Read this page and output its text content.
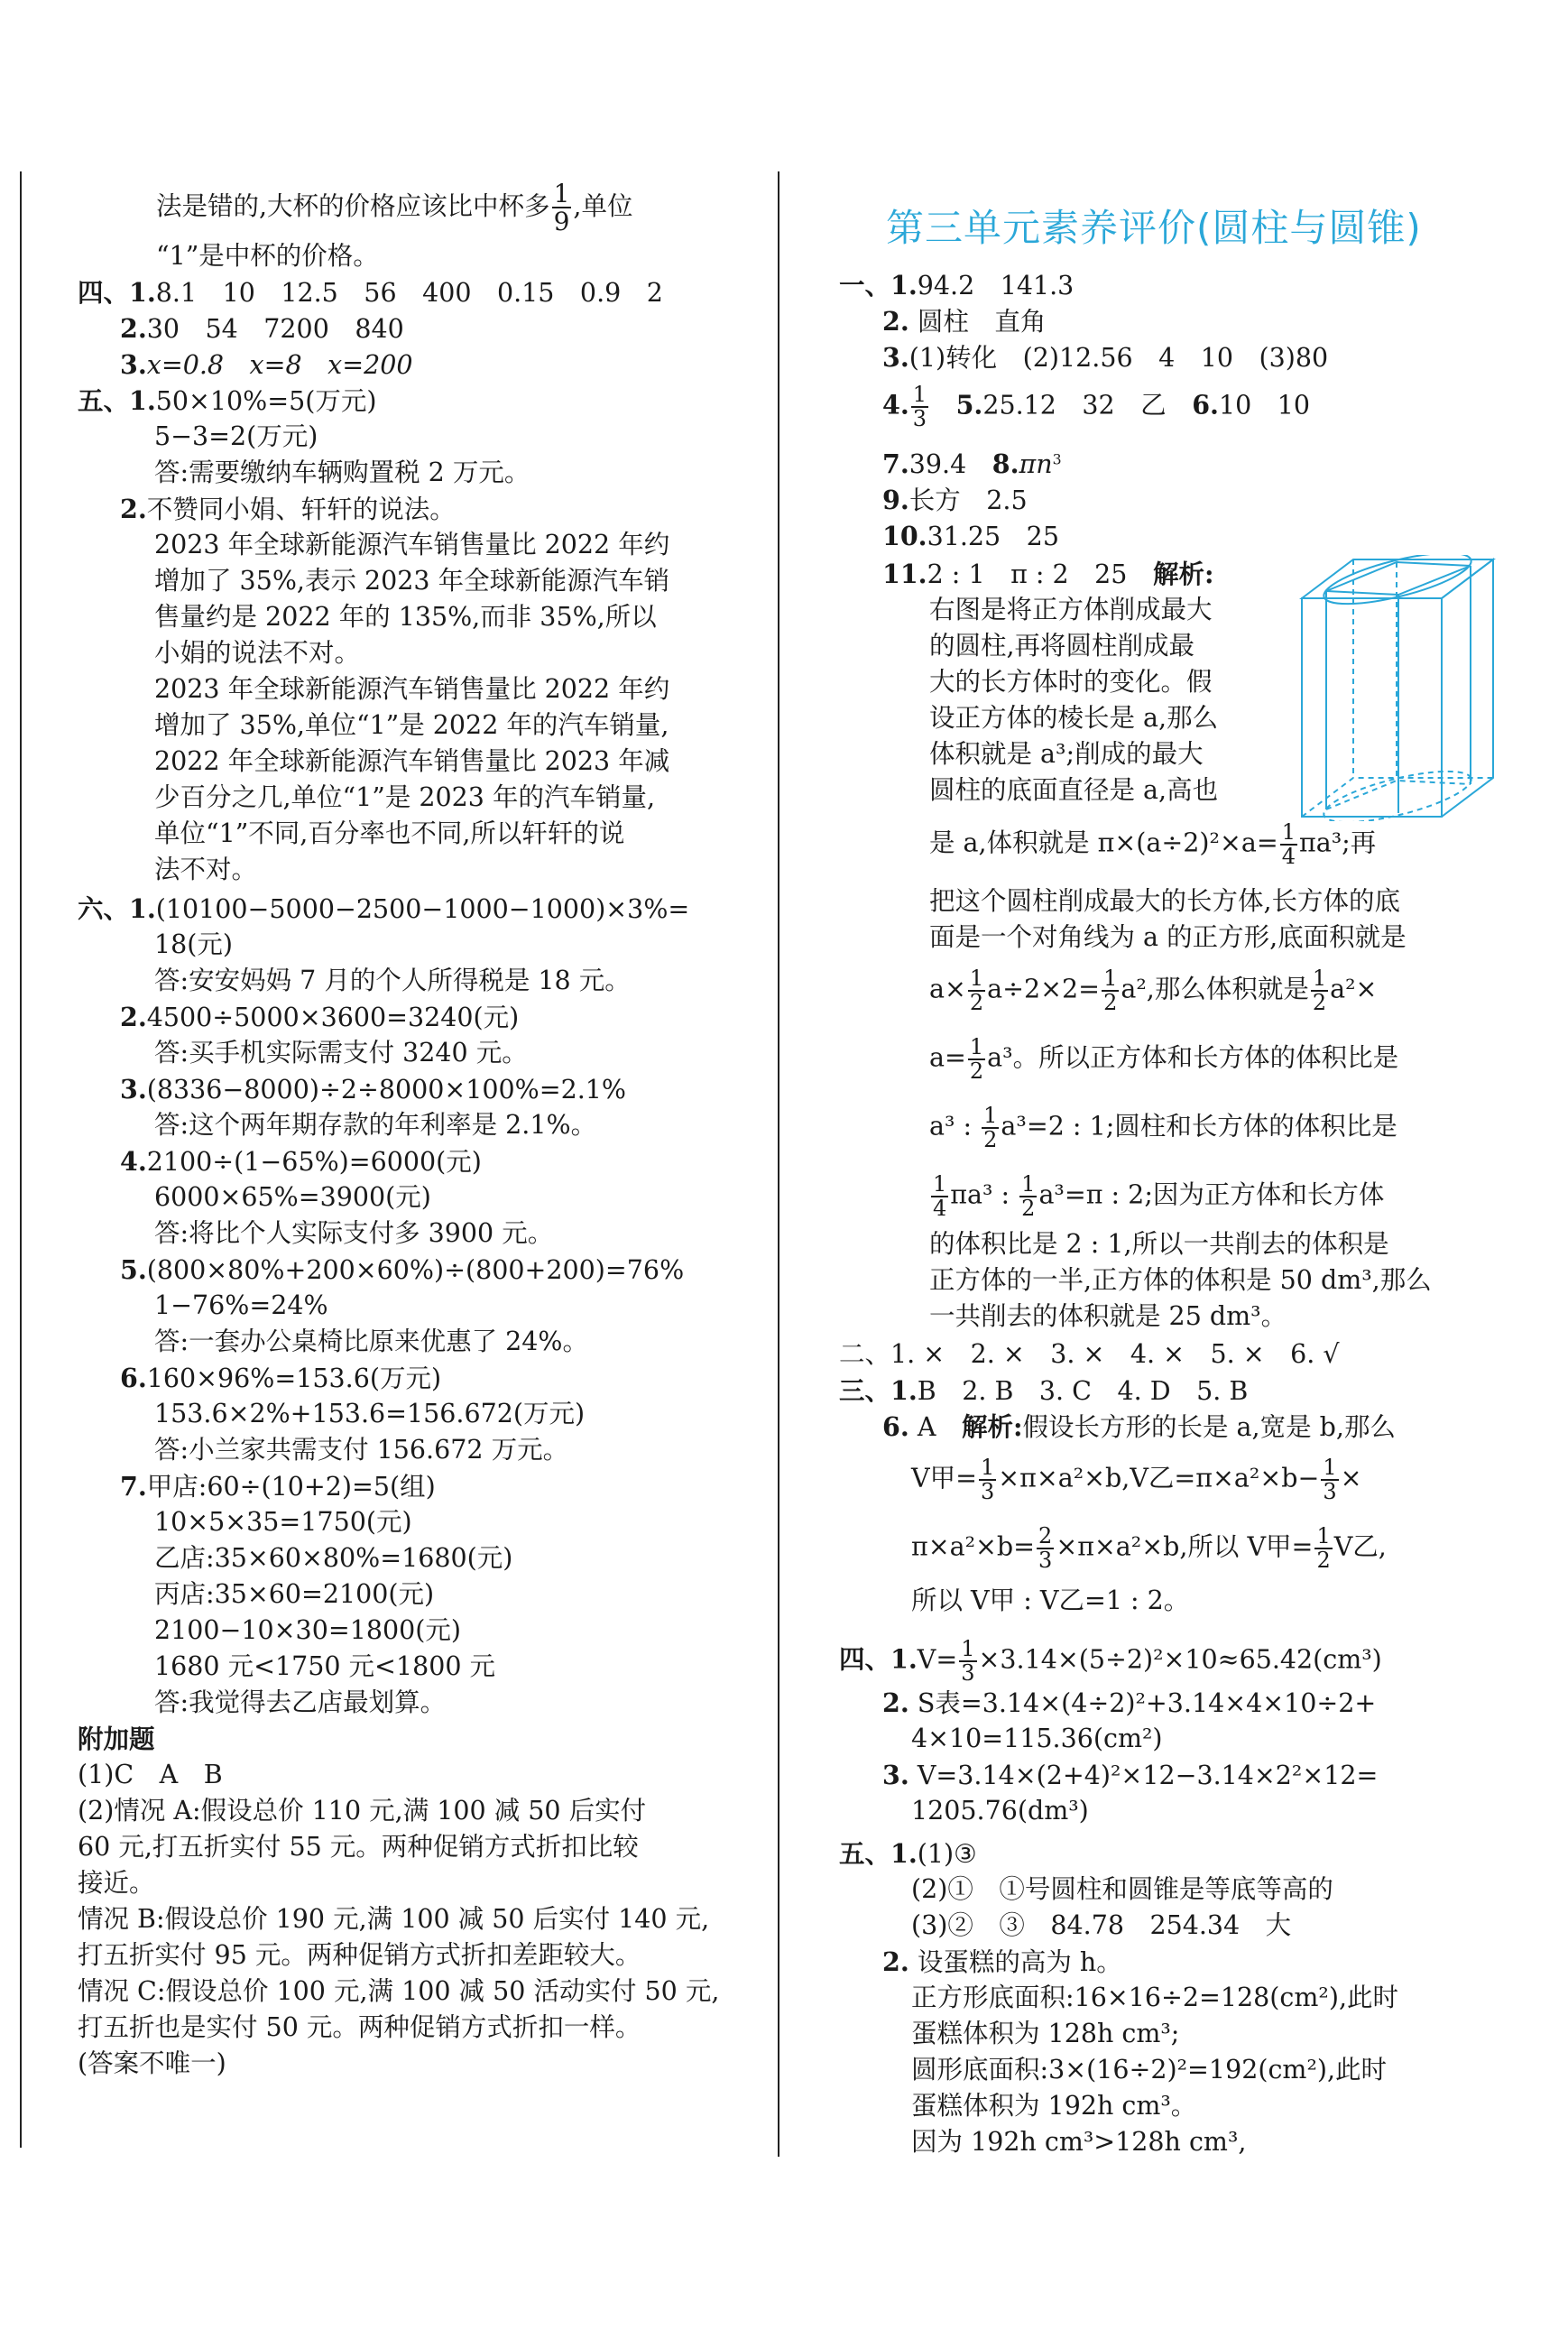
法是错的,大杯的价格应该比中杯多 $\frac{1}{9}$ ,单位
“1”是中杯的价格。
四、1.8.1　10　12.5　56　400　0.15　0.9　2
2.30　54　7200　840
3.x=0.8　x=8　x=200
五、1.50×10%=5(万元)
5−3=2(万元)
答:需要缴纳车辆购置税 2 万元。
2.不赞同小娟、轩轩的说法。
2023 年全球新能源汽车销售量比 2022 年约
增加了 35%,表示 2023 年全球新能源汽车销
售量约是 2022 年的 135%,而非 35%,所以
小娟的说法不对。
2023 年全球新能源汽车销售量比 2022 年约
增加了 35%,单位“1”是 2022 年的汽车销量,
2022 年全球新能源汽车销售量比 2023 年减
少百分之几,单位“1”是 2023 年的汽车销量,
单位“1”不同,百分率也不同,所以轩轩的说
法不对。
六、1.(10100−5000−2500−1000−1000)×3%=
18(元)
答:安安妈妈 7 月的个人所得税是 18 元。
2.4500÷5000×3600=3240(元)
答:买手机实际需支付 3240 元。
3.(8336−8000)÷2÷8000×100%=2.1%
答:这个两年期存款的年利率是 2.1%。
4.2100÷(1−65%)=6000(元)
6000×65%=3900(元)
答:将比个人实际支付多 3900 元。
5.(800×80%+200×60%)÷(800+200)=76%
1−76%=24%
答:一套办公桌椅比原来优惠了 24%。
6.160×96%=153.6(万元)
153.6×2%+153.6=156.672(万元)
答:小兰家共需支付 156.672 万元。
7.甲店:60÷(10+2)=5(组)
10×5×35=1750(元)
乙店:35×60×80%=1680(元)
丙店:35×60=2100(元)
2100−10×30=1800(元)
1680 元<1750 元<1800 元
答:我觉得去乙店最划算。
附加题
(1)C　A　B
(2)情况 A:假设总价 110 元,满 100 减 50 后实付
60 元,打五折实付 55 元。两种促销方式折扣比较
接近。
情况 B:假设总价 190 元,满 100 减 50 后实付 140 元,
打五折实付 95 元。两种促销方式折扣差距较大。
情况 C:假设总价 100 元,满 100 减 50 活动实付 50 元,
打五折也是实付 50 元。两种促销方式折扣一样。
(答案不唯一)
第三单元素养评价(圆柱与圆锥)
一、1.94.2　141.3
2. 圆柱　直角
3.(1)转化　(2)12.56　4　10　(3)80
4. $\frac{1}{3}$
　 5.25.12　32　乙　 6.10　10
7.39.4　 $8.\pi n^3$
9.长方　2.5
10.31.25　25
11.2 : 1　π : 2　25　 解析:
右图是将正方体削成最大
的圆柱,再将圆柱削成最
大的长方体时的变化。假
设正方体的棱长是 a,那么
体积就是 a³;削成的最大
圆柱的底面直径是 a,高也
是 a,体积就是 $\pi\times(a\div 2)^2\times a= \frac{1}{4} \pi a^3$;再
把这个圆柱削成最大的长方体,长方体的底
面是一个对角线为 a 的正方形,底面积就是
$a\times \frac{1}{2} a\div 2\times 2= \frac{1}{2} a^2$,那么体积就是 $\frac{1}{2} a^2\times$
$a= \frac{1}{2} a^3$。所以正方体和长方体的体积比是
a³ : $\frac{1}{2} a^3=2$ : 1;圆柱和长方体的体积比是
$\frac{1}{4} \pi a^3$ : $\frac{1}{2} a^3=\pi$ : 2;因为正方体和长方体
的体积比是 2 : 1,所以一共削去的体积是
正方体的一半,正方体的体积是 50 dm³,那么
一共削去的体积就是 25 dm³。
二、1. ×　2. ×　3. ×　4. ×　5. ×　6. √
三、1.B　2. B　3. C　4. D　5. B
6. A　 解析:假设长方形的长是 a,宽是 b,那么
V甲= $\frac{1}{3} \times\pi\times a^2\times b,V$乙$=\pi\times a^2\times b- \frac{1}{3}$ ×
$\pi\times a^2\times b= \frac{2}{3} \times\pi\times a^2\times b$,所以 V甲= $\frac{1}{2}$ V乙,
所以 V甲 : V乙=1 : 2。
四、$1.V= \frac{1}{3} \times 3.14\times(5\div 2)^2\times 10\approx 65.42(cm^3)$
2. S表=3.14×(4÷2)²+3.14×4×10÷2+
4×10=115.36(cm²)
3. V=3.14×(2+4)²×12−3.14×2²×12=
1205.76(dm³)
五、1.(1)③
(2)①　①号圆柱和圆锥是等底等高的
(3)②　③　84.78　254.34　大
2. 设蛋糕的高为 h。
正方形底面积:16×16÷2=128(cm²),此时
蛋糕体积为 128h cm³;
圆形底面积:3×(16÷2)²=192(cm²),此时
蛋糕体积为 192h cm³。
因为 192h cm³>128h cm³,
